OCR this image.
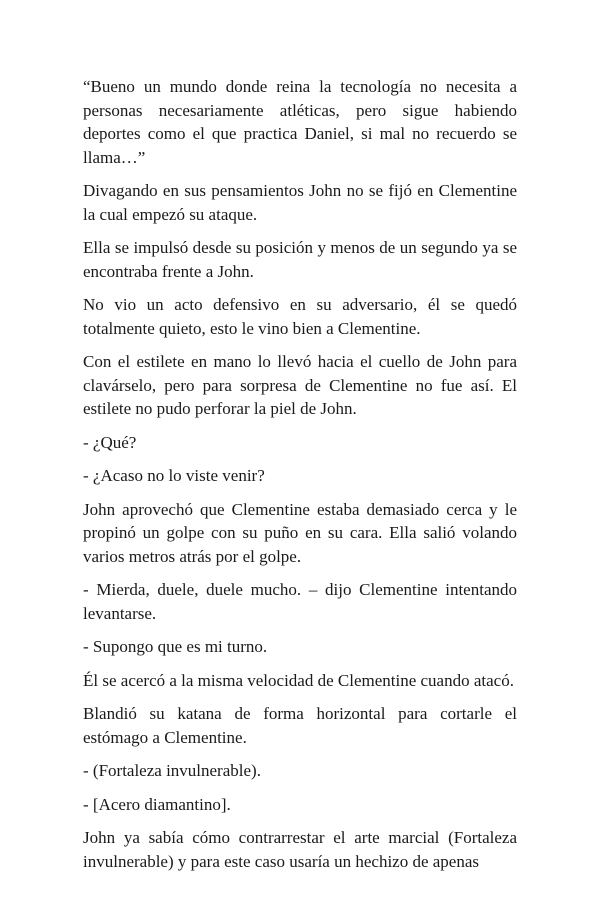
“Bueno un mundo donde reina la tecnología no necesita a personas necesariamente atléticas, pero sigue habiendo deportes como el que practica Daniel, si mal no recuerdo se llama…”

Divagando en sus pensamientos John no se fijó en Clementine la cual empezó su ataque.

Ella se impulsó desde su posición y menos de un segundo ya se encontraba frente a John.

No vio un acto defensivo en su adversario, él se quedó totalmente quieto, esto le vino bien a Clementine.

Con el estilete en mano lo llevó hacia el cuello de John para clavárselo, pero para sorpresa de Clementine no fue así. El estilete no pudo perforar la piel de John.

- ¿Qué?

- ¿Acaso no lo viste venir?

John aprovechó que Clementine estaba demasiado cerca y le propinó un golpe con su puño en su cara. Ella salió volando varios metros atrás por el golpe.

- Mierda, duele, duele mucho. – dijo Clementine intentando levantarse.

- Supongo que es mi turno.

Él se acercó a la misma velocidad de Clementine cuando atacó.

Blandió su katana de forma horizontal para cortarle el estómago a Clementine.

- (Fortaleza invulnerable).

- [Acero diamantino].

John ya sabía cómo contrarrestar el arte marcial (Fortaleza invulnerable) y para este caso usaría un hechizo de apenas
